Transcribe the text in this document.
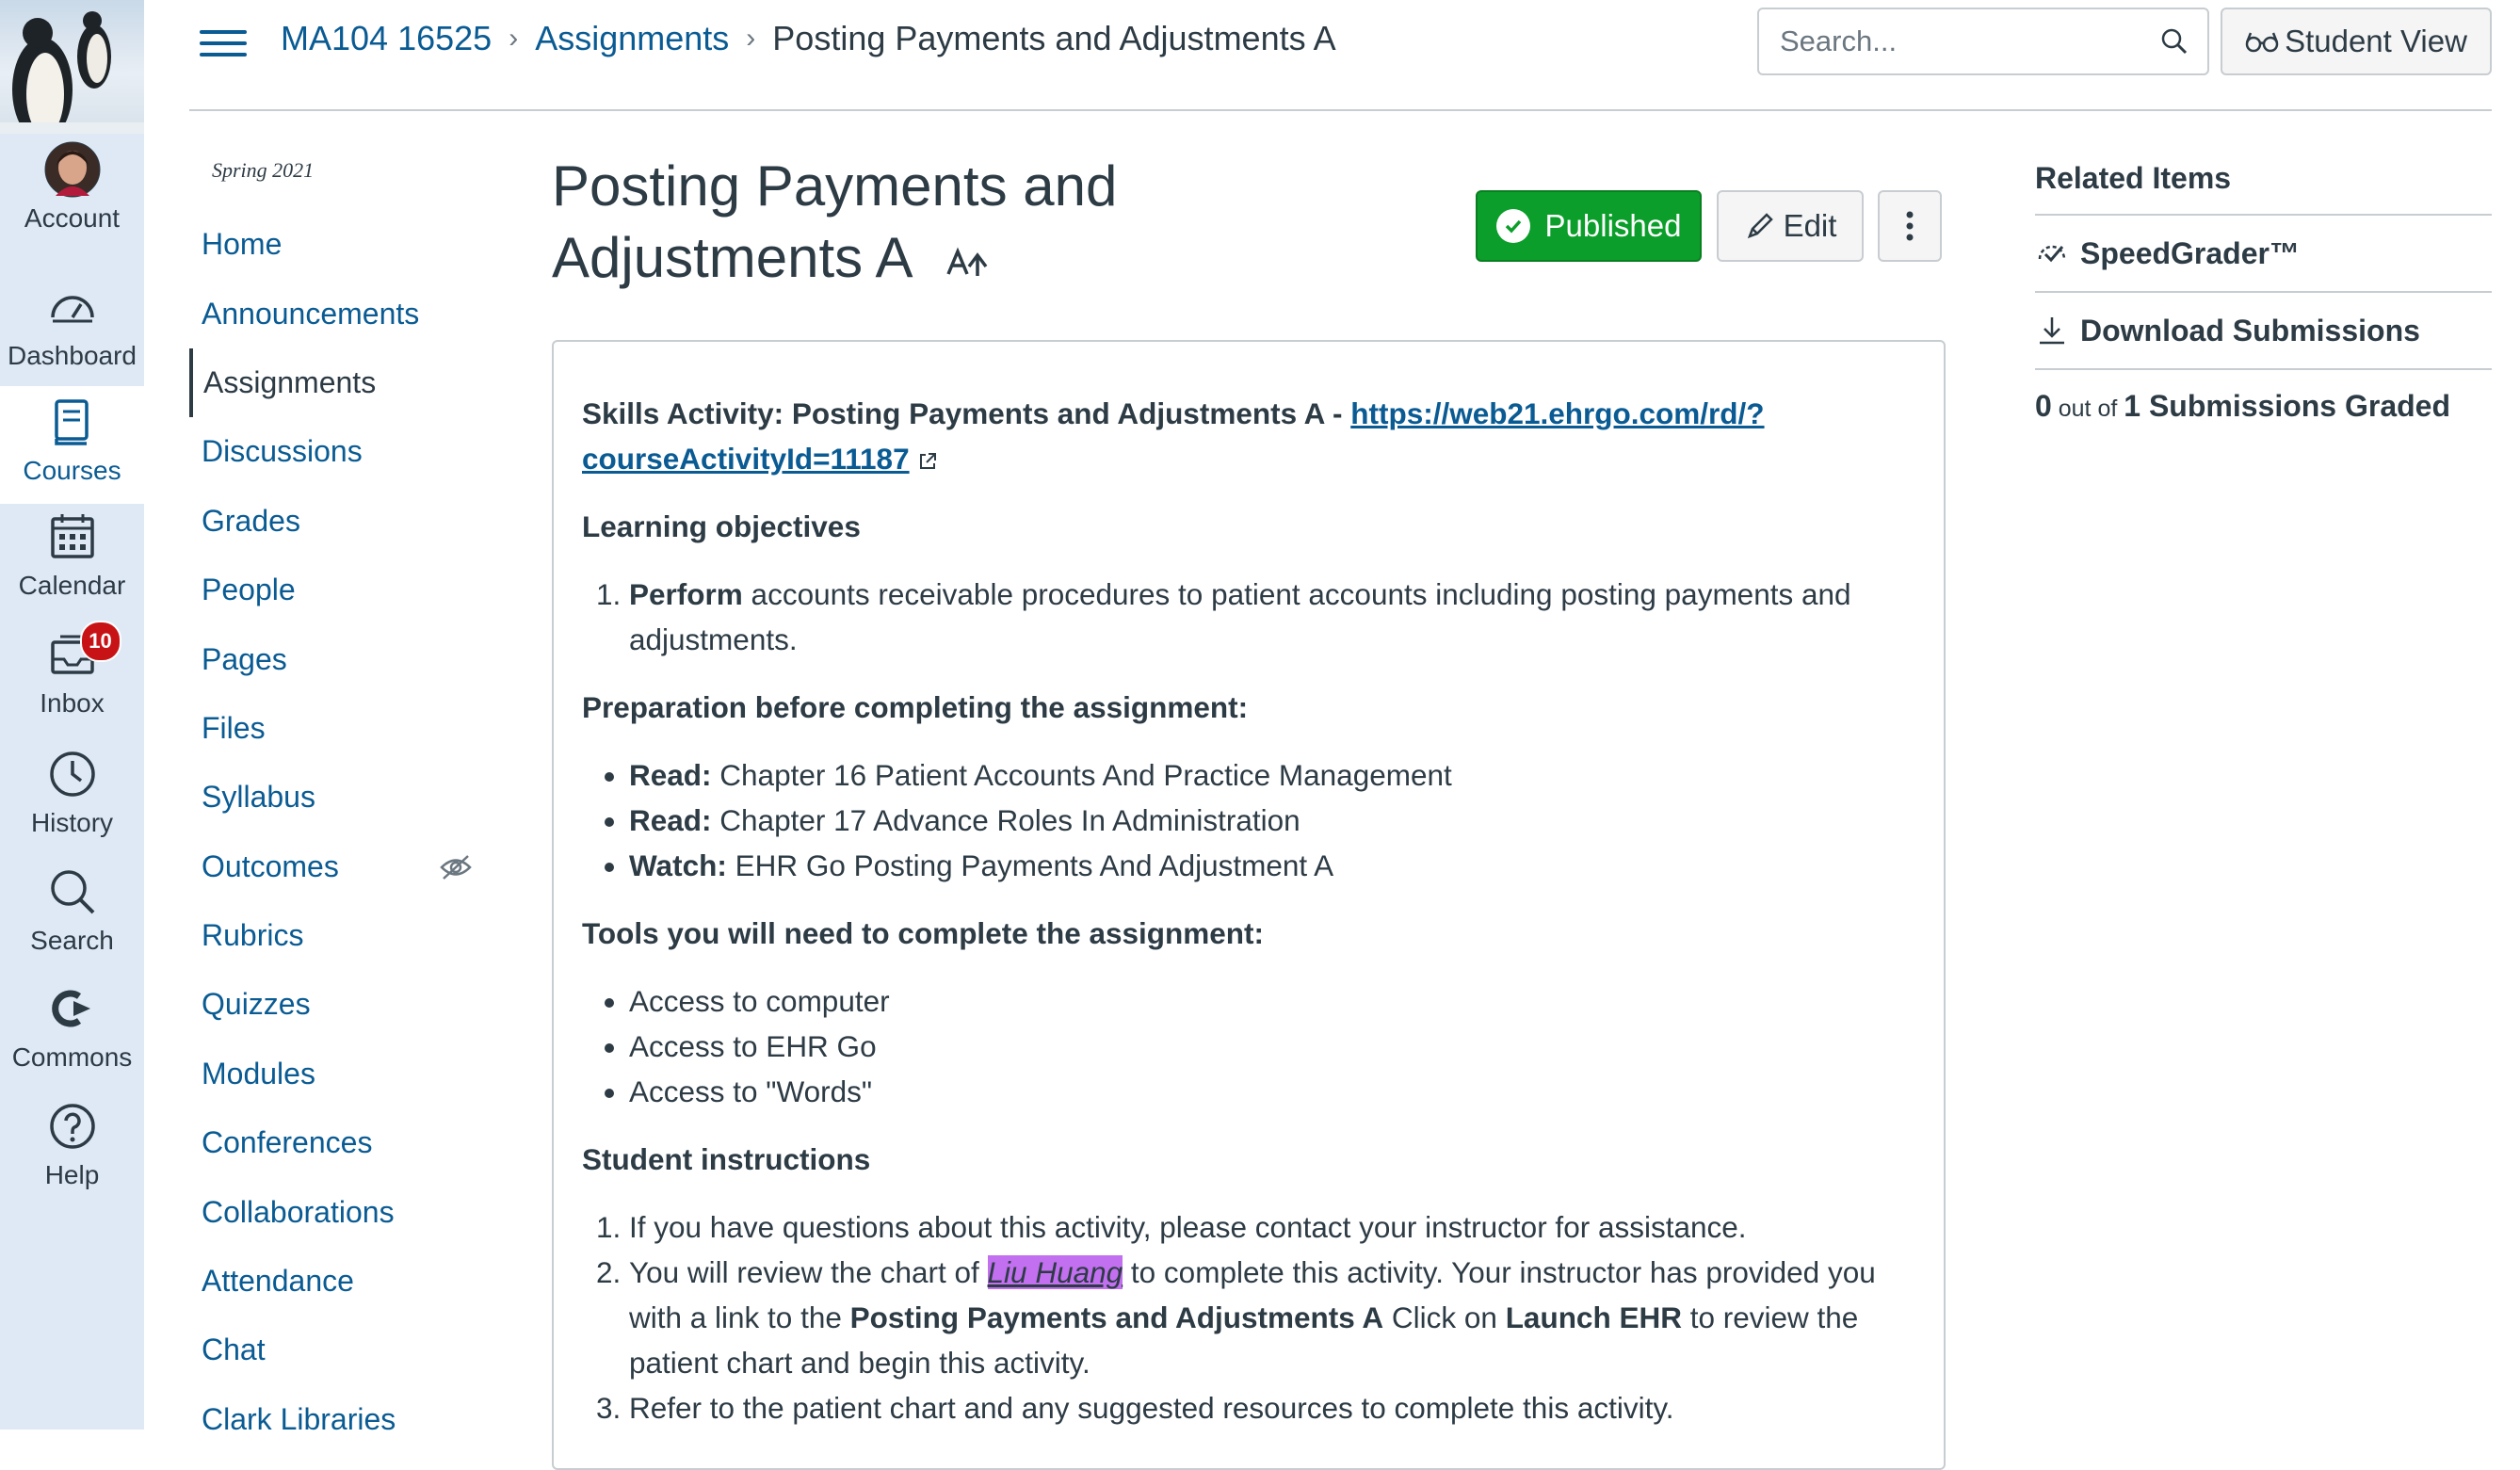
Account
Dashboard
Courses
Calendar
10
Inbox
History
Search
Commons
Help
MA104 16525 › Assignments › Posting Payments and Adjustments A
Search...	Student View
Spring 2021
Home
Announcements
Assignments
Discussions
Grades
People
Pages
Files
Syllabus
Outcomes
Rubrics
Quizzes
Modules
Conferences
Collaborations
Attendance
Chat
Clark Libraries
Posting Payments and Adjustments A
Published	Edit

Skills Activity: Posting Payments and Adjustments A - https://web21.ehrgo.com/rd/?
courseActivityId=11187

Learning objectives

1. Perform accounts receivable procedures to patient accounts including posting payments and adjustments.

Preparation before completing the assignment:

• Read: Chapter 16 Patient Accounts And Practice Management
• Read: Chapter 17 Advance Roles In Administration
• Watch: EHR Go Posting Payments And Adjustment A

Tools you will need to complete the assignment:

• Access to computer
• Access to EHR Go
• Access to "Words"

Student instructions

1. If you have questions about this activity, please contact your instructor for assistance.
2. You will review the chart of Liu Huang to complete this activity. Your instructor has provided you with a link to the Posting Payments and Adjustments A Click on Launch EHR to review the patient chart and begin this activity.
3. Refer to the patient chart and any suggested resources to complete this activity.
Related Items
SpeedGrader™
Download Submissions
0 out of 1 Submissions Graded
